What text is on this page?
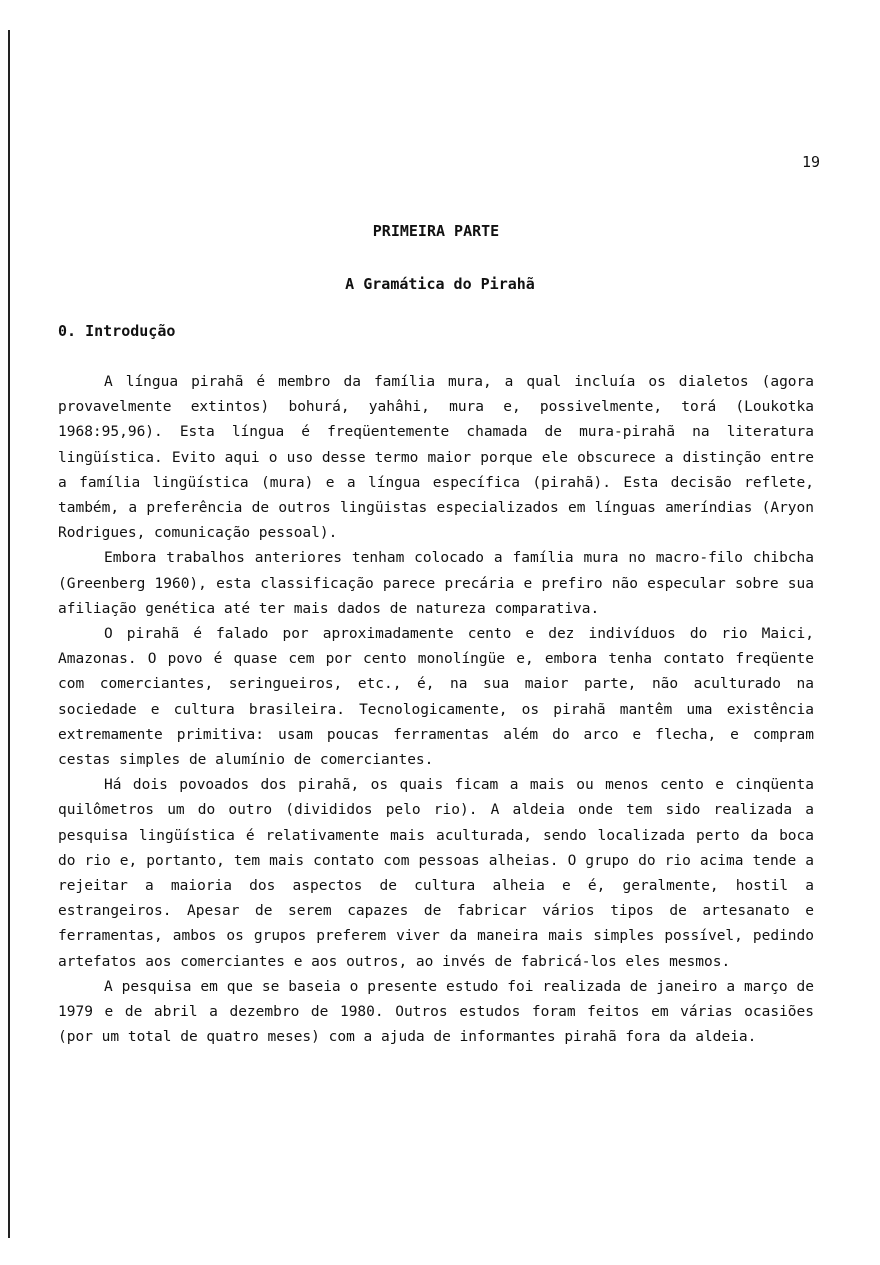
19
PRIMEIRA PARTE
A Gramática do Pirahã
0. Introdução

A língua pirahã é membro da família mura, a qual incluía os dialetos (agora provavelmente extintos) bohurá, yahâhi, mura e, possivelmente, torá (Loukotka 1968:95,96). Esta língua é freqüentemente chamada de mura-pirahã na literatura lingüística. Evito aqui o uso desse termo maior porque ele obscurece a distinção entre a família lingüística (mura) e a língua específica (pirahã). Esta decisão reflete, também, a preferência de outros lingüistas especializados em línguas ameríndias (Aryon Rodrigues, comunicação pessoal).

Embora trabalhos anteriores tenham colocado a família mura no macro-filo chibcha (Greenberg 1960), esta classificação parece precária e prefiro não especular sobre sua afiliação genética até ter mais dados de natureza comparativa.

O pirahã é falado por aproximadamente cento e dez indivíduos do rio Maici, Amazonas. O povo é quase cem por cento monolíngüe e, embora tenha contato freqüente com comerciantes, seringueiros, etc., é, na sua maior parte, não aculturado na sociedade e cultura brasileira. Tecnologicamente, os pirahã mantêm uma existência extremamente primitiva: usam poucas ferramentas além do arco e flecha, e compram cestas simples de alumínio de comerciantes.

Há dois povoados dos pirahã, os quais ficam a mais ou menos cento e cinqüenta quilômetros um do outro (divididos pelo rio). A aldeia onde tem sido realizada a pesquisa lingüística é relativamente mais aculturada, sendo localizada perto da boca do rio e, portanto, tem mais contato com pessoas alheias. O grupo do rio acima tende a rejeitar a maioria dos aspectos de cultura alheia e é, geralmente, hostil a estrangeiros. Apesar de serem capazes de fabricar vários tipos de artesanato e ferramentas, ambos os grupos preferem viver da maneira mais simples possível, pedindo artefatos aos comerciantes e aos outros, ao invés de fabricá-los eles mesmos.

A pesquisa em que se baseia o presente estudo foi realizada de janeiro a março de 1979 e de abril a dezembro de 1980. Outros estudos foram feitos em várias ocasiões (por um total de quatro meses) com a ajuda de informantes pirahã fora da aldeia.
